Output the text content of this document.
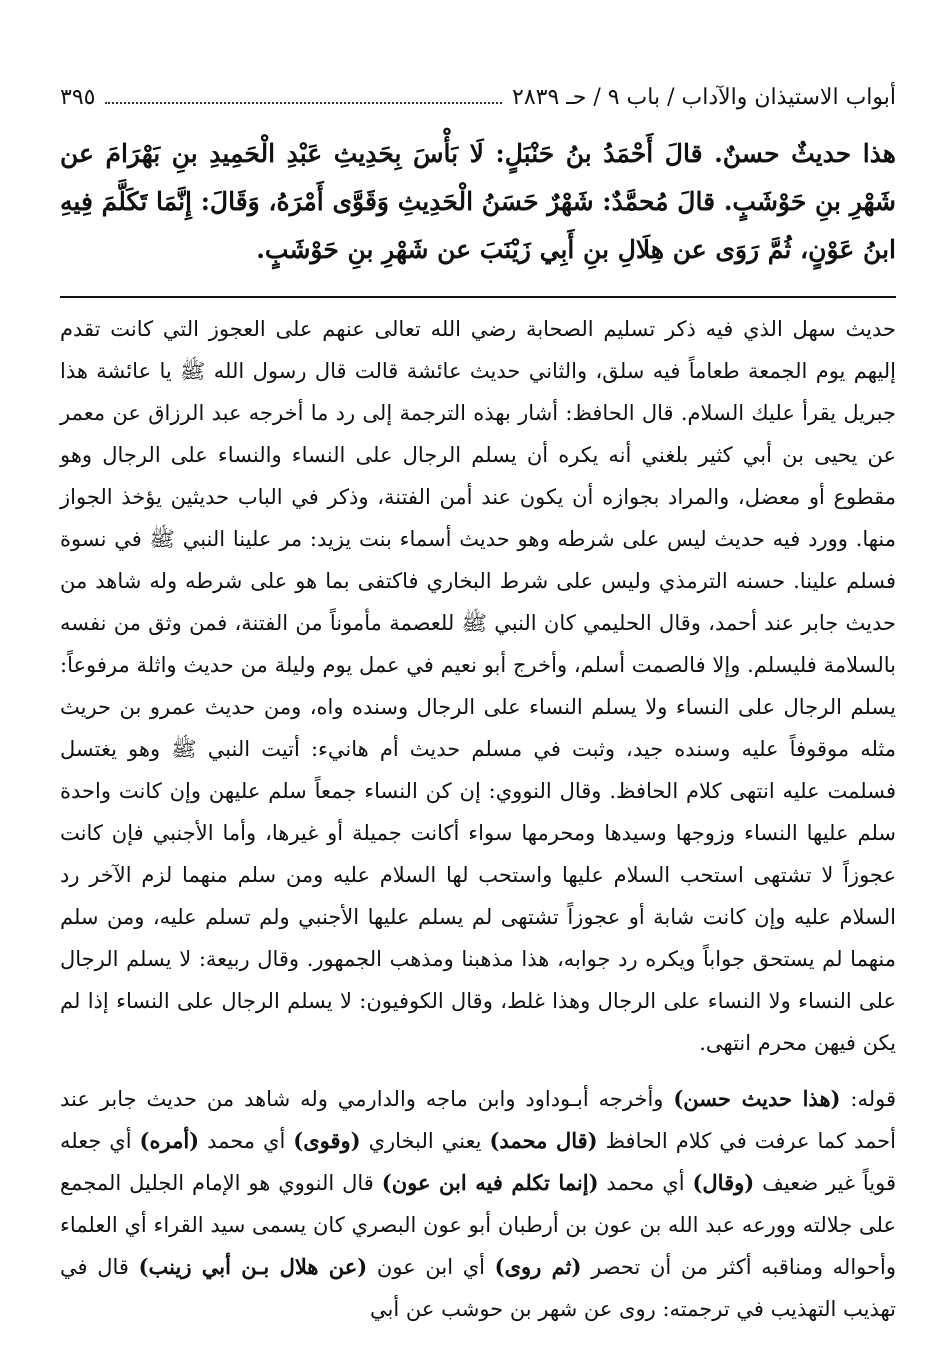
أبواب الاستيذان والآداب / باب ٩ / حـ ٢٨٣٩
٣٩٥
هذا حديثٌ حسنٌ. قالَ أَحْمَدُ بنُ حَنْبَلٍ: لَا بَأْسَ بِحَدِيثِ عَبْدِ الْحَمِيدِ بنِ بَهْرَامَ عن شَهْرِ بنِ حَوْشَبٍ. قالَ مُحمَّدٌ: شَهْرٌ حَسَنُ الْحَدِيثِ وَقَوَّى أَمْرَهُ، وَقَالَ: إِنَّمَا تَكَلَّمَ فِيهِ ابنُ عَوْنٍ، ثُمَّ رَوَى عن هِلَالِ بنِ أَبِي زَيْنَبَ عن شَهْرِ بنِ حَوْشَبٍ.
حديث سهل الذي فيه ذكر تسليم الصحابة رضي الله تعالى عنهم على العجوز التي كانت تقدم إليهم يوم الجمعة طعاماً فيه سلق، والثاني حديث عائشة قالت قال رسول الله ﷺ يا عائشة هذا جبريل يقرأ عليك السلام. قال الحافظ: أشار بهذه الترجمة إلى رد ما أخرجه عبد الرزاق عن معمر عن يحيى بن أبي كثير بلغني أنه يكره أن يسلم الرجال على النساء والنساء على الرجال وهو مقطوع أو معضل، والمراد بجوازه أن يكون عند أمن الفتنة، وذكر في الباب حديثين يؤخذ الجواز منها. وورد فيه حديث ليس على شرطه وهو حديث أسماء بنت يزيد: مر علينا النبي ﷺ في نسوة فسلم علينا. حسنه الترمذي وليس على شرط البخاري فاكتفى بما هو على شرطه وله شاهد من حديث جابر عند أحمد، وقال الحليمي كان النبي ﷺ للعصمة مأموناً من الفتنة، فمن وثق من نفسه بالسلامة فليسلم. وإلا فالصمت أسلم، وأخرج أبو نعيم في عمل يوم وليلة من حديث واثلة مرفوعاً: يسلم الرجال على النساء ولا يسلم النساء على الرجال وسنده واه، ومن حديث عمرو بن حريث مثله موقوفاً عليه وسنده جيد، وثبت في مسلم حديث أم هانيء: أتيت النبي ﷺ وهو يغتسل فسلمت عليه انتهى كلام الحافظ. وقال النووي: إن كن النساء جمعاً سلم عليهن وإن كانت واحدة سلم عليها النساء وزوجها وسيدها ومحرمها سواء أكانت جميلة أو غيرها، وأما الأجنبي فإن كانت عجوزاً لا تشتهى استحب السلام عليها واستحب لها السلام عليه ومن سلم منهما لزم الآخر رد السلام عليه وإن كانت شابة أو عجوزاً تشتهى لم يسلم عليها الأجنبي ولم تسلم عليه، ومن سلم منهما لم يستحق جواباً ويكره رد جوابه، هذا مذهبنا ومذهب الجمهور. وقال ربيعة: لا يسلم الرجال على النساء ولا النساء على الرجال وهذا غلط، وقال الكوفيون: لا يسلم الرجال على النساء إذا لم يكن فيهن محرم انتهى.
قوله: (هذا حديث حسن) وأخرجه أبـوداود وابن ماجه والدارمي وله شاهد من حديث جابر عند أحمد كما عرفت في كلام الحافظ (قال محمد) يعني البخاري (وقوى) أي محمد (أمره) أي جعله قوياً غير ضعيف (وقال) أي محمد (إنما تكلم فيه ابن عون) قال النووي هو الإمام الجليل المجمع على جلالته وورعه عبد الله بن عون بن أرطبان أبو عون البصري كان يسمى سيد القراء أي العلماء وأحواله ومناقبه أكثر من أن تحصر (ثم روى) أي ابن عون (عن هلال بـن أبي زينب) قال في تهذيب التهذيب في ترجمته: روى عن شهر بن حوشب عن أبي
